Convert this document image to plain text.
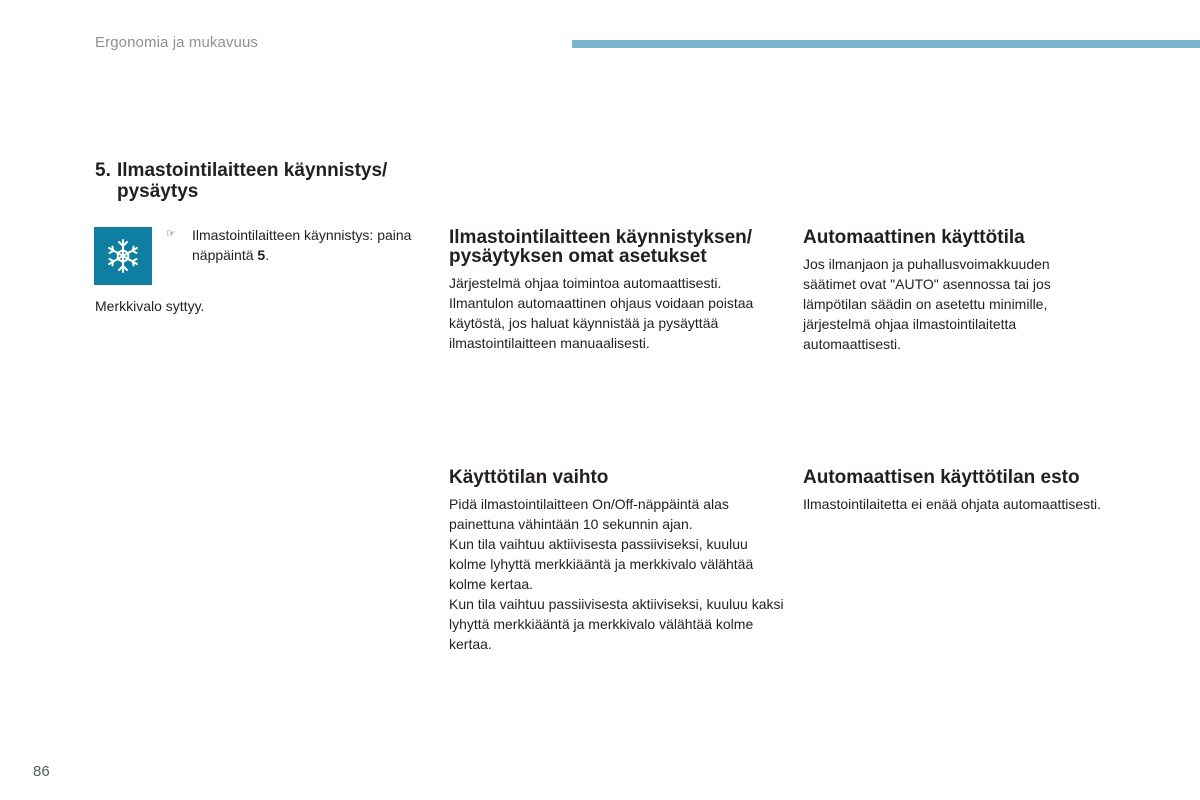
Ergonomia ja mukavuus
5. Ilmastointilaitteen käynnistys/
pysäytys
☞ Ilmastointilaitteen käynnistys: paina näppäintä 5.
Merkkivalo syttyy.
Ilmastointilaitteen käynnistyksen/ pysäytyksen omat asetukset

Järjestelmä ohjaa toimintoa automaattisesti.
Ilmantulon automaattinen ohjaus voidaan poistaa käytöstä, jos haluat käynnistää ja pysäyttää ilmastointilaitteen manuaalisesti.

Automaattinen käyttötila

Jos ilmanjaon ja puhallusvoimakkuuden säätimet ovat "AUTO" asennossa tai jos lämpötilan säädin on asetettu minimille, järjestelmä ohjaa ilmastointilaitetta automaattisesti.

Käyttötilan vaihto

Pidä ilmastointilaitteen On/Off-näppäintä alas painettuna vähintään 10 sekunnin ajan.
Kun tila vaihtuu aktiivisesta passiiviseksi, kuuluu kolme lyhyttä merkkiääntä ja merkkivalo välähtää kolme kertaa.
Kun tila vaihtuu passiivisesta aktiiviseksi, kuuluu kaksi lyhyttä merkkiääntä ja merkkivalo välähtää kolme kertaa.

Automaattisen käyttötilan esto

Ilmastointilaitetta ei enää ohjata automaattisesti.

86
